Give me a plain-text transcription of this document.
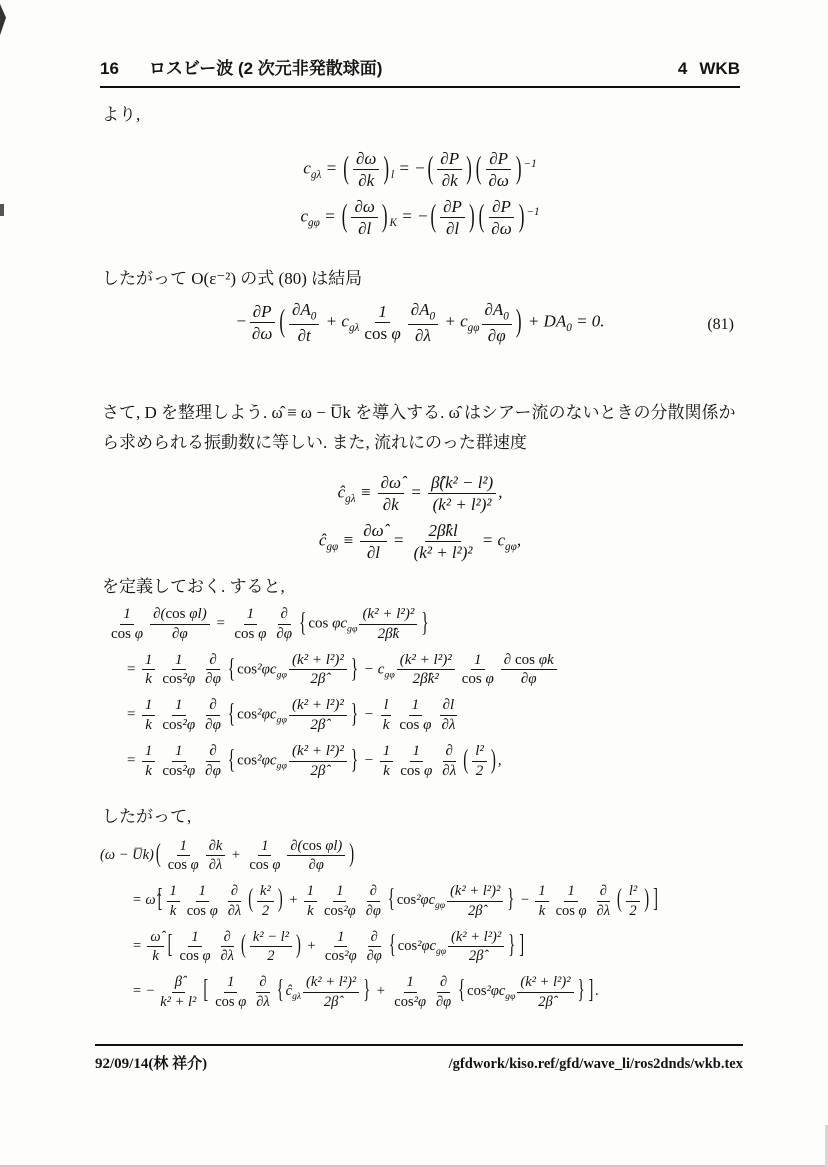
16 ロスビー波 (2 次元非発散球面)	4 WKB

より,

$c_{g\lambda}$ = ( $\frac{\partial\omega}{\partial k}$ ) $_l$ = − ( $\frac{\partial P}{\partial k}$ ) ( $\frac{\partial P}{\partial\omega}$ ) $^{-1}$
$c_{g\varphi}$ = ( $\frac{\partial\omega}{\partial l}$ ) $_K$ = − ( $\frac{\partial P}{\partial l}$ ) ( $\frac{\partial P}{\partial\omega}$ ) $^{-1}$

したがって O(ε⁻²) の式 (80) は結局

− $\frac{\partial P}{\partial\omega}$ ( $\frac{\partial A_0}{\partial t} + c_{g\lambda} \frac{1}{\text{cos φ}} \frac{\partial A_0}{\partial\lambda} + c_{g\varphi} \frac{\partial A_0}{\partial\varphi}$ ) + $DA_0 = 0$.	(81)

さて, D を整理しよう. ω̂ ≡ ω − U̅k を導入する. ω̂ はシアー流のないときの分散関係から求められる振動数に等しい. また, 流れにのった群速度

$ĉ_{g\lambda} \equiv \frac{\partial\omegâ}{\partial k} = \frac{\text{β̂(k² − l²)}}{\text{(k² + l²)²}}$ ,
$ĉ_{g\varphi} \equiv \frac{\partial\omegâ}{\partial l} = \frac{2\betâkl}{\text{(k² + l²)²}} = c_{g\varphi}$,

を定義しておく. すると,

$\frac{1}{\text{cos φ}} \frac{\text{∂(cos φl)}}{\partial\varphi} = \frac{1}{\text{cos φ}} \frac{\partial}{\partial\varphi}$ { $\cos \varphi c_{g\varphi} \frac{\text{(k² + l²)²}}{2\betâk}$ }
= $\frac{1}{k} \frac{1}{\text{cos²φ}} \frac{\partial}{\partial\varphi}$ { $\cos^2\varphi c_{g\varphi} \frac{\text{(k² + l²)²}}{2\betâ}$ } − $c_{g\varphi} \frac{\text{(k² + l²)²}}{\text{2β̂k²}} \frac{1}{\text{cos φ}} \frac{\text{∂ cos φk}}{\partial\varphi}$
= $\frac{1}{k} \frac{1}{\text{cos²φ}} \frac{\partial}{\partial\varphi}$ { $\cos^2\varphi c_{g\varphi} \frac{\text{(k² + l²)²}}{2\betâ}$ } − $\frac{l}{k} \frac{1}{\text{cos φ}} \frac{\partial l}{\partial\lambda}$
= $\frac{1}{k} \frac{1}{\text{cos²φ}} \frac{\partial}{\partial\varphi}$ { $\cos^2\varphi c_{g\varphi} \frac{\text{(k² + l²)²}}{2\betâ}$ } − $\frac{1}{k} \frac{1}{\text{cos φ}} \frac{\partial}{\partial\lambda}$ ( $\frac{\text{l²}}{2}$ ) ,

したがって,

(ω − U̅k) ( $\frac{1}{\text{cos φ}} \frac{\partial k}{\partial\lambda} + \frac{1}{\text{cos φ}} \frac{\text{∂(cos φl)}}{\partial\varphi}$ )
= ω̂ [ $\frac{1}{k} \frac{1}{\text{cos φ}} \frac{\partial}{\partial\lambda}$ ( $\frac{\text{k²}}{2}$ ) + $\frac{1}{k} \frac{1}{\text{cos²φ}} \frac{\partial}{\partial\varphi}$ { $\cos^2\varphi c_{g\varphi} \frac{\text{(k² + l²)²}}{2\betâ}$ } − $\frac{1}{k} \frac{1}{\text{cos φ}} \frac{\partial}{\partial\lambda}$ ( $\frac{\text{l²}}{2}$ ) ]
= $\frac{\omegâ}{k}$ [ $\frac{1}{\text{cos φ}} \frac{\partial}{\partial\lambda}$ ( $\frac{\text{k² − l²}}{2}$ ) + $\frac{1}{\text{cos²φ}} \frac{\partial}{\partial\varphi}$ { $\cos^2\varphi c_{g\varphi} \frac{\text{(k² + l²)²}}{2\betâ}$ } ]
= − $\frac{\betâ}{\text{k² + l²}}$ [ $\frac{1}{\text{cos φ}} \frac{\partial}{\partial\lambda}$ { $ĉ_{g\lambda} \frac{\text{(k² + l²)²}}{2\betâ}$ } + $\frac{1}{\text{cos²φ}} \frac{\partial}{\partial\varphi}$ { $\cos^2\varphi c_{g\varphi} \frac{\text{(k² + l²)²}}{2\betâ}$ } ] .
92/09/14(林 祥介)	/gfdwork/kiso.ref/gfd/wave_li/ros2dnds/wkb.tex
